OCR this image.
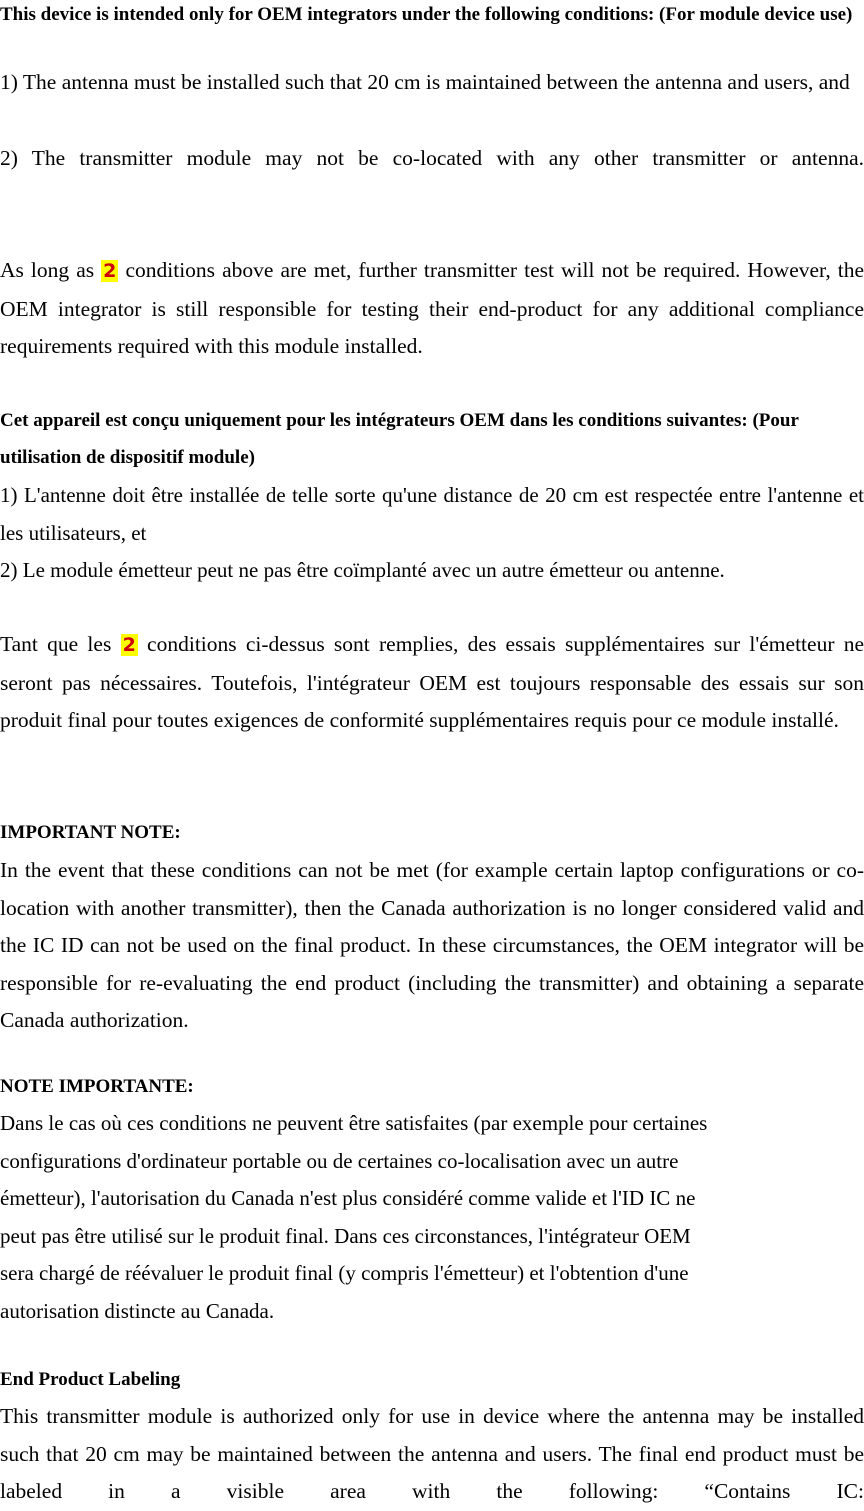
This device is intended only for OEM integrators under the following conditions: (For module device use)

1) The antenna must be installed such that 20 cm is maintained between the antenna and users, and

2) The transmitter module may not be co-located with any other transmitter or antenna.

As long as 2 conditions above are met, further transmitter test will not be required. However, the OEM integrator is still responsible for testing their end-product for any additional compliance requirements required with this module installed.

Cet appareil est conçu uniquement pour les intégrateurs OEM dans les conditions suivantes: (Pour utilisation de dispositif module)

1) L'antenne doit être installée de telle sorte qu'une distance de 20 cm est respectée entre l'antenne et les utilisateurs, et

2) Le module émetteur peut ne pas être coïmplanté avec un autre émetteur ou antenne.

Tant que les 2 conditions ci-dessus sont remplies, des essais supplémentaires sur l'émetteur ne seront pas nécessaires. Toutefois, l'intégrateur OEM est toujours responsable des essais sur son produit final pour toutes exigences de conformité supplémentaires requis pour ce module installé.

IMPORTANT NOTE:

In the event that these conditions can not be met (for example certain laptop configurations or co-location with another transmitter), then the Canada authorization is no longer considered valid and the IC ID can not be used on the final product. In these circumstances, the OEM integrator will be responsible for re-evaluating the end product (including the transmitter) and obtaining a separate Canada authorization.

NOTE IMPORTANTE:

Dans le cas où ces conditions ne peuvent être satisfaites (par exemple pour certaines
configurations d'ordinateur portable ou de certaines co-localisation avec un autre
émetteur), l'autorisation du Canada n'est plus considéré comme valide et l'ID IC ne
peut pas être utilisé sur le produit final. Dans ces circonstances, l'intégrateur OEM
sera chargé de réévaluer le produit final (y compris l'émetteur) et l'obtention d'une
autorisation distincte au Canada.

End Product Labeling

This transmitter module is authorized only for use in device where the antenna may be installed such that 20 cm may be maintained between the antenna and users. The final end product must be labeled in a visible area with the following: “Contains IC:
